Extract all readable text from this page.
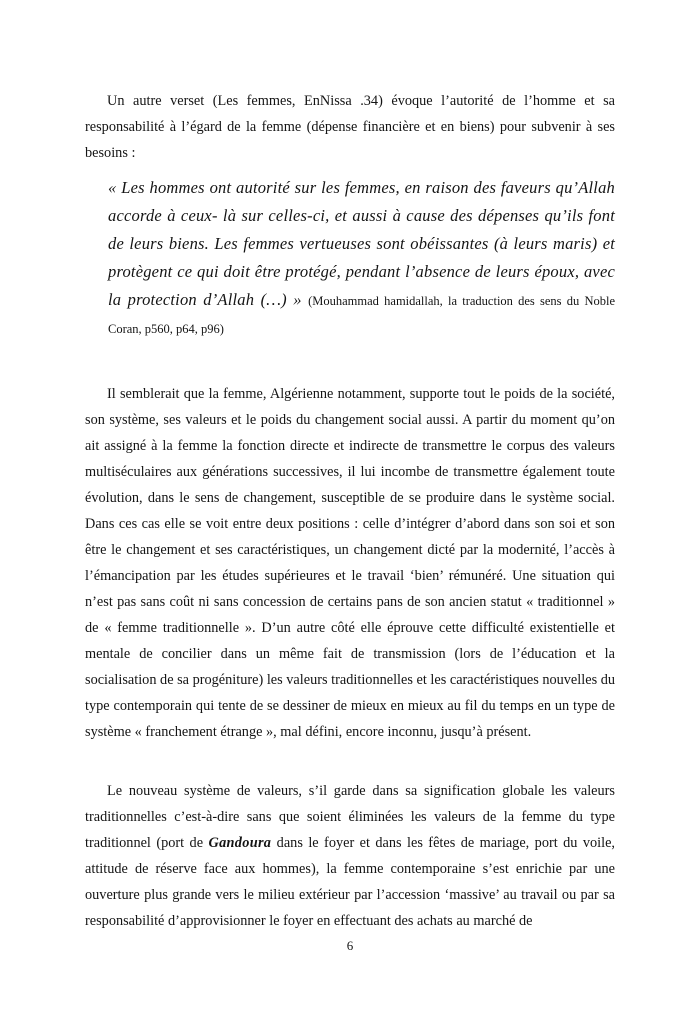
Un autre verset (Les femmes, EnNissa .34) évoque l’autorité de l’homme et sa responsabilité à l’égard de la femme (dépense financière et en biens) pour subvenir à ses besoins :

« Les hommes ont autorité sur les femmes, en raison des faveurs qu’Allah accorde à ceux- là sur celles-ci, et aussi à cause des dépenses qu’ils font de leurs biens. Les femmes vertueuses sont obéissantes (à leurs maris) et protègent ce qui doit être protégé, pendant l’absence de leurs époux, avec la protection d’Allah (…) » (Mouhammad hamidallah, la traduction des sens du Noble Coran, p560, p64, p96)

Il semblerait que la femme, Algérienne notamment, supporte tout le poids de la société, son système, ses valeurs et le poids du changement social aussi. A partir du moment qu’on ait assigné à la femme la fonction directe et indirecte de transmettre le corpus des valeurs multiséculaires aux générations successives, il lui incombe de transmettre également toute évolution, dans le sens de changement, susceptible de se produire dans le système social. Dans ces cas elle se voit entre deux positions : celle d’intégrer d’abord dans son soi et son être le changement et ses caractéristiques, un changement dicté par la modernité, l’accès à l’émancipation par les études supérieures et le travail ‘bien’ rémunéré. Une situation qui n’est pas sans coût ni sans concession de certains pans de son ancien statut « traditionnel » de « femme traditionnelle ». D’un autre côté elle éprouve cette difficulté existentielle et mentale de concilier dans un même fait de transmission (lors de l’éducation et la socialisation de sa progéniture) les valeurs traditionnelles et les caractéristiques nouvelles du type contemporain qui tente de se dessiner de mieux en mieux au fil du temps en un type de système « franchement étrange », mal défini, encore inconnu, jusqu’à présent.

Le nouveau système de valeurs, s’il garde dans sa signification globale les valeurs traditionnelles c’est-à-dire sans que soient éliminées les valeurs de la femme du type traditionnel (port de Gandoura dans le foyer et dans les fêtes de mariage, port du voile, attitude de réserve face aux hommes), la femme contemporaine s’est enrichie par une ouverture plus grande vers le milieu extérieur par l’accession ‘massive’ au travail ou par sa responsabilité d’approvisionner le foyer en effectuant des achats au marché de

6
